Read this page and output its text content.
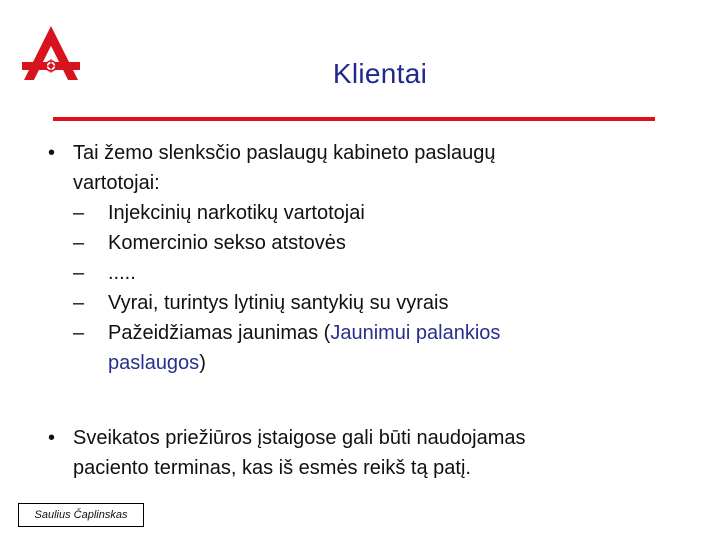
Klientai
• Tai žemo slenksčio paslaugų kabineto paslaugų
vartotojai:
– Injekcinių narkotikų vartotojai
– Komercinio sekso atstovės
– .....
– Vyrai, turintys lytinių santykių su vyrais
– Pažeidžiamas jaunimas (Jaunimui palankios
paslaugos)
• Sveikatos priežiūros įstaigose gali būti naudojamas
paciento terminas, kas iš esmės reikš tą patį.
Saulius Čaplinskas
